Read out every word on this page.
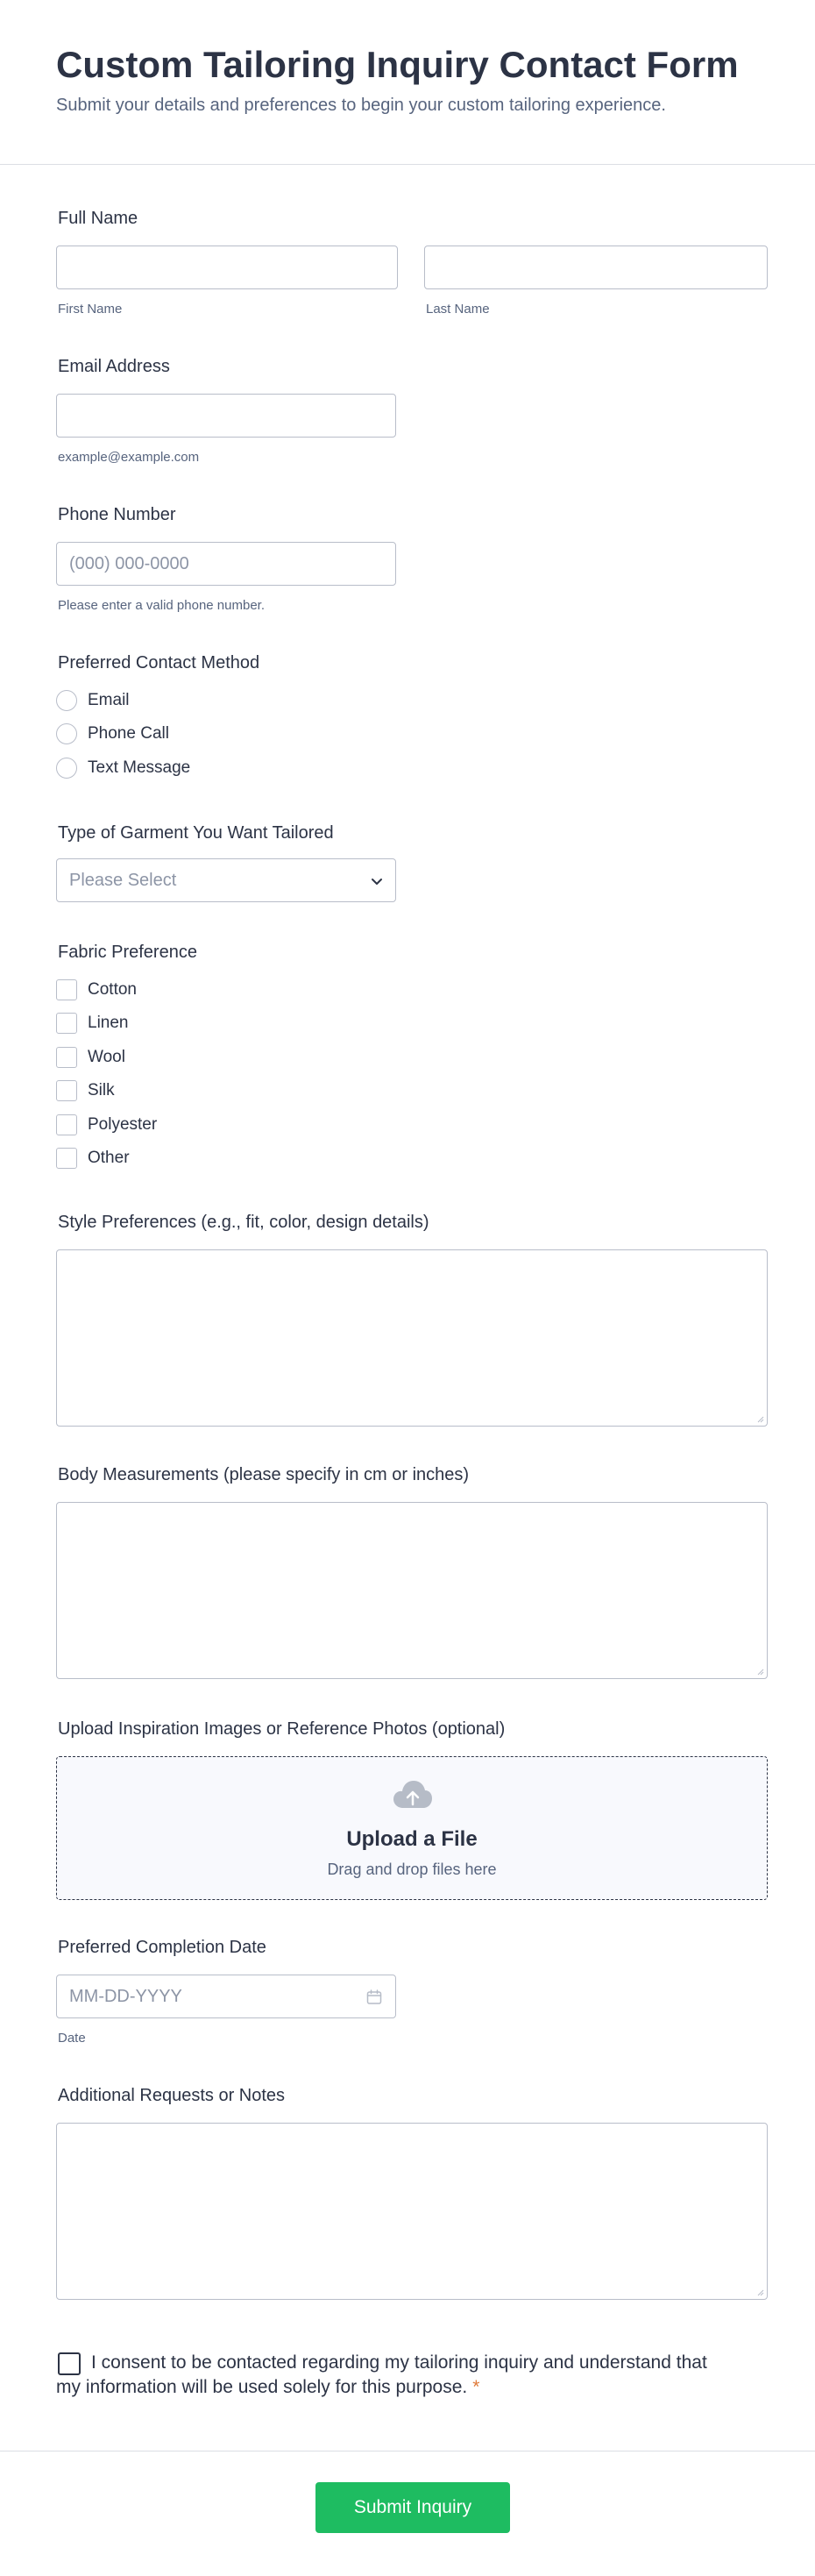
Custom Tailoring Inquiry Contact Form
Submit your details and preferences to begin your custom tailoring experience.
Full Name
First Name	Last Name
Email Address
example@example.com
Phone Number
(000) 000-0000
Please enter a valid phone number.
Preferred Contact Method
Email
Phone Call
Text Message
Type of Garment You Want Tailored
Please Select
Fabric Preference
Cotton
Linen
Wool
Silk
Polyester
Other
Style Preferences (e.g., fit, color, design details)
Body Measurements (please specify in cm or inches)
Upload Inspiration Images or Reference Photos (optional)
Upload a File
Drag and drop files here
Preferred Completion Date
MM-DD-YYYY
Date
Additional Requests or Notes
I consent to be contacted regarding my tailoring inquiry and understand that my information will be used solely for this purpose. *
Submit Inquiry
